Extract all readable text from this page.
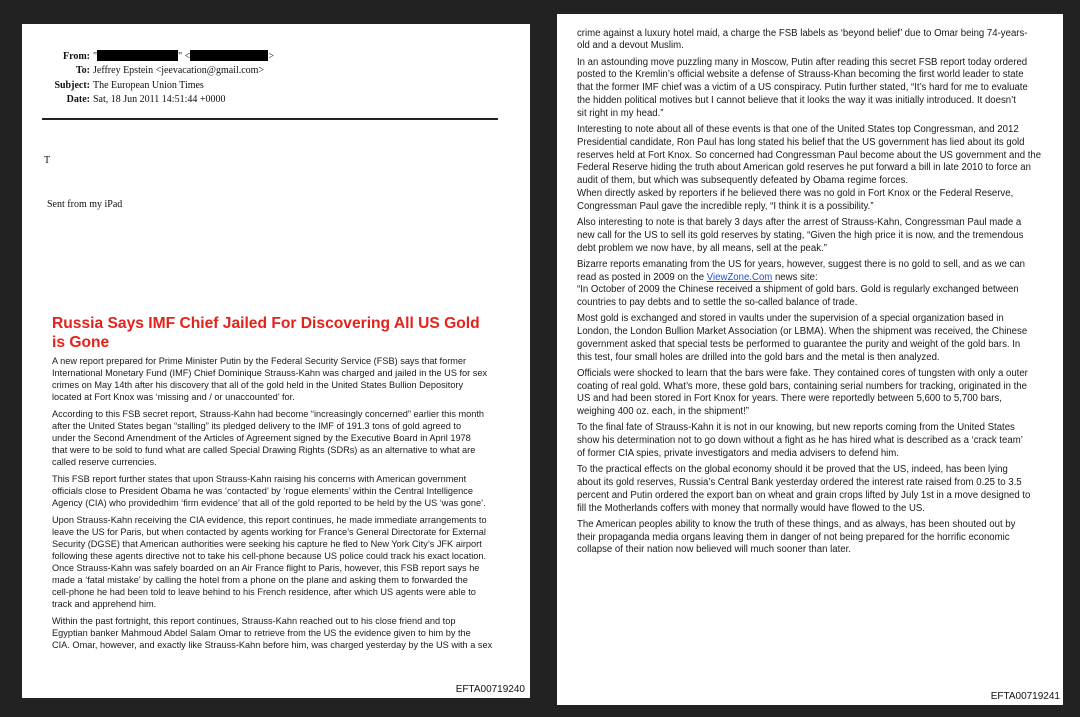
From: "	" <	>
To: Jeffrey Epstein <jeevacation@gmail.com>
Subject: The European Union Times
Date: Sat, 18 Jun 2011 14:51:44 +0000
T
Sent from my iPad
Russia Says IMF Chief Jailed For Discovering All US Gold
is Gone
A new report prepared for Prime Minister Putin by the Federal Security Service (FSB) says that former
International Monetary Fund (IMF) Chief Dominique Strauss-Kahn was charged and jailed in the US for sex
crimes on May 14th after his discovery that all of the gold held in the United States Bullion Depository
located at Fort Knox was ‘missing and / or unaccounted’ for.
According to this FSB secret report, Strauss-Kahn had become “increasingly concerned” earlier this month
after the United States began “stalling” its pledged delivery to the IMF of 191.3 tons of gold agreed to
under the Second Amendment of the Articles of Agreement signed by the Executive Board in April 1978
that were to be sold to fund what are called Special Drawing Rights (SDRs) as an alternative to what are
called reserve currencies.
This FSB report further states that upon Strauss-Kahn raising his concerns with American government
officials close to President Obama he was ‘contacted’ by ‘rogue elements’ within the Central Intelligence
Agency (CIA) who providedhim ‘firm evidence’ that all of the gold reported to be held by the US ‘was gone’.
Upon Strauss-Kahn receiving the CIA evidence, this report continues, he made immediate arrangements to
leave the US for Paris, but when contacted by agents working for France’s General Directorate for External
Security (DGSE) that American authorities were seeking his capture he fled to New York City’s JFK airport
following these agents directive not to take his cell-phone because US police could track his exact location.
Once Strauss-Kahn was safely boarded on an Air France flight to Paris, however, this FSB report says he
made a ‘fatal mistake’ by calling the hotel from a phone on the plane and asking them to forwarded the
cell-phone he had been told to leave behind to his French residence, after which US agents were able to
track and apprehend him.
Within the past fortnight, this report continues, Strauss-Kahn reached out to his close friend and top
Egyptian banker Mahmoud Abdel Salam Omar to retrieve from the US the evidence given to him by the
CIA. Omar, however, and exactly like Strauss-Kahn before him, was charged yesterday by the US with a sex
EFTA00719240
crime against a luxury hotel maid, a charge the FSB labels as ‘beyond belief’ due to Omar being 74-years-
old and a devout Muslim.
In an astounding move puzzling many in Moscow, Putin after reading this secret FSB report today ordered
posted to the Kremlin’s official website a defense of Strauss-Khan becoming the first world leader to state
that the former IMF chief was a victim of a US conspiracy. Putin further stated, “It’s hard for me to evaluate
the hidden political motives but I cannot believe that it looks the way it was initially introduced. It doesn’t
sit right in my head.”
Interesting to note about all of these events is that one of the United States top Congressman, and 2012
Presidential candidate, Ron Paul has long stated his belief that the US government has lied about its gold
reserves held at Fort Knox. So concerned had Congressman Paul become about the US government and the
Federal Reserve hiding the truth about American gold reserves he put forward a bill in late 2010 to force an
audit of them, but which was subsequently defeated by Obama regime forces.
When directly asked by reporters if he believed there was no gold in Fort Knox or the Federal Reserve,
Congressman Paul gave the incredible reply, “I think it is a possibility.”
Also interesting to note is that barely 3 days after the arrest of Strauss-Kahn, Congressman Paul made a
new call for the US to sell its gold reserves by stating, “Given the high price it is now, and the tremendous
debt problem we now have, by all means, sell at the peak.”
Bizarre reports emanating from the US for years, however, suggest there is no gold to sell, and as we can
read as posted in 2009 on the ViewZone.Com news site:
“In October of 2009 the Chinese received a shipment of gold bars. Gold is regularly exchanged between
countries to pay debts and to settle the so-called balance of trade.
Most gold is exchanged and stored in vaults under the supervision of a special organization based in
London, the London Bullion Market Association (or LBMA). When the shipment was received, the Chinese
government asked that special tests be performed to guarantee the purity and weight of the gold bars. In
this test, four small holes are drilled into the gold bars and the metal is then analyzed.
Officials were shocked to learn that the bars were fake. They contained cores of tungsten with only a outer
coating of real gold. What’s more, these gold bars, containing serial numbers for tracking, originated in the
US and had been stored in Fort Knox for years. There were reportedly between 5,600 to 5,700 bars,
weighing 400 oz. each, in the shipment!”
To the final fate of Strauss-Kahn it is not in our knowing, but new reports coming from the United States
show his determination not to go down without a fight as he has hired what is described as a ‘crack team’
of former CIA spies, private investigators and media advisers to defend him.
To the practical effects on the global economy should it be proved that the US, indeed, has been lying
about its gold reserves, Russia’s Central Bank yesterday ordered the interest rate raised from 0.25 to 3.5
percent and Putin ordered the export ban on wheat and grain crops lifted by July 1st in a move designed to
fill the Motherlands coffers with money that normally would have flowed to the US.
The American peoples ability to know the truth of these things, and as always, has been shouted out by
their propaganda media organs leaving them in danger of not being prepared for the horrific economic
collapse of their nation now believed will much sooner than later.
EFTA00719241
